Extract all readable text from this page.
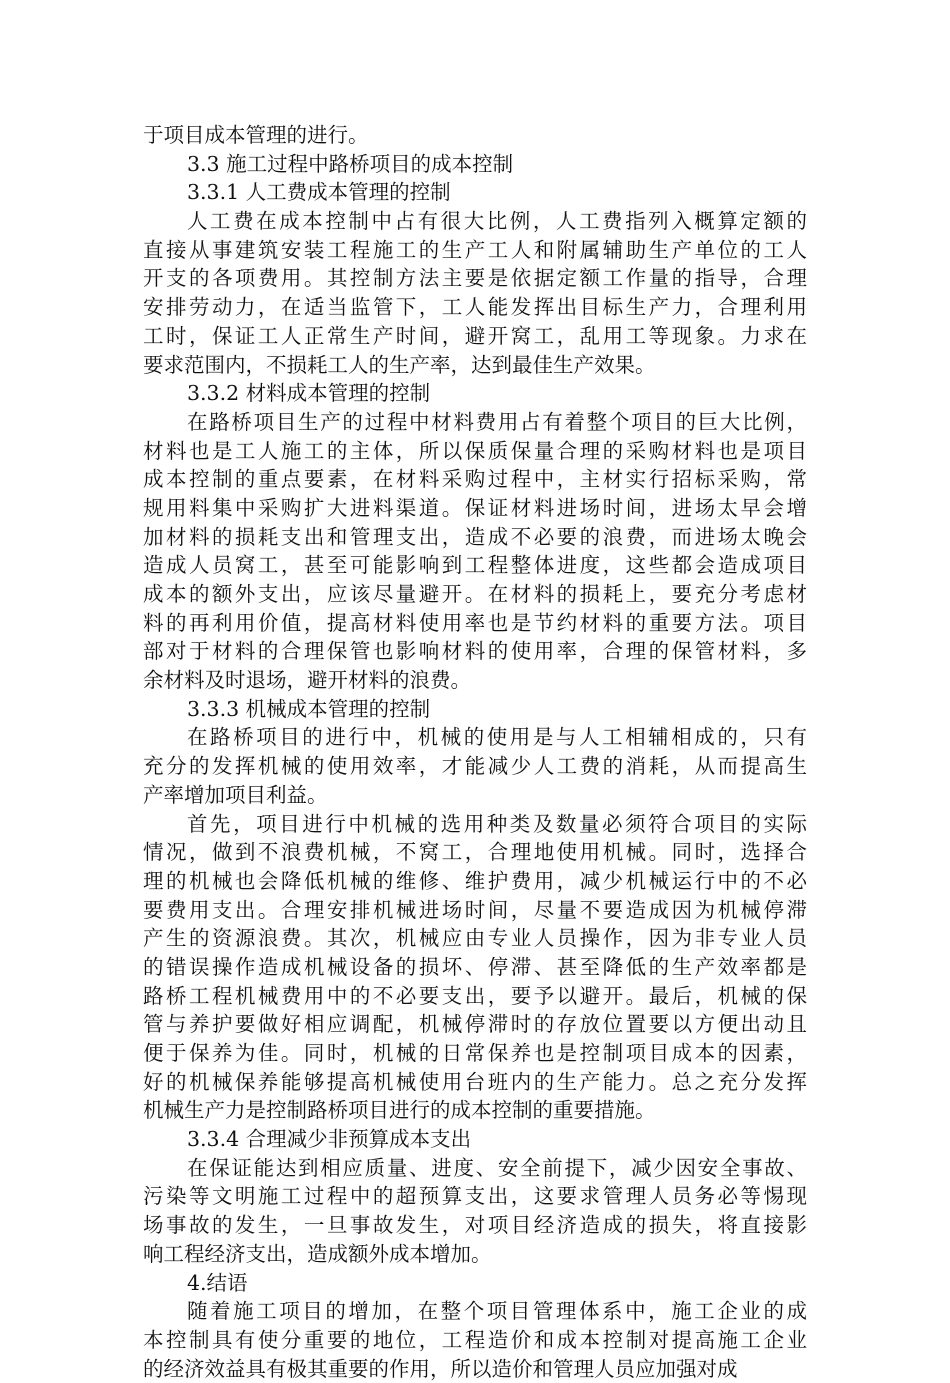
于项目成本管理的进行。
3.3 施工过程中路桥项目的成本控制
3.3.1 人工费成本管理的控制
人工费在成本控制中占有很大比例，人工费指列入概算定额的
直接从事建筑安装工程施工的生产工人和附属辅助生产单位的工人
开支的各项费用。其控制方法主要是依据定额工作量的指导，合理
安排劳动力，在适当监管下，工人能发挥出目标生产力，合理利用
工时，保证工人正常生产时间，避开窝工，乱用工等现象。力求在
要求范围内，不损耗工人的生产率，达到最佳生产效果。
3.3.2 材料成本管理的控制
在路桥项目生产的过程中材料费用占有着整个项目的巨大比例，
材料也是工人施工的主体，所以保质保量合理的采购材料也是项目
成本控制的重点要素，在材料采购过程中，主材实行招标采购，常
规用料集中采购扩大进料渠道。保证材料进场时间，进场太早会增
加材料的损耗支出和管理支出，造成不必要的浪费，而进场太晚会
造成人员窝工，甚至可能影响到工程整体进度，这些都会造成项目
成本的额外支出，应该尽量避开。在材料的损耗上，要充分考虑材
料的再利用价值，提高材料使用率也是节约材料的重要方法。项目
部对于材料的合理保管也影响材料的使用率，合理的保管材料，多
余材料及时退场，避开材料的浪费。
3.3.3 机械成本管理的控制
在路桥项目的进行中，机械的使用是与人工相辅相成的，只有
充分的发挥机械的使用效率，才能减少人工费的消耗，从而提高生
产率增加项目利益。
首先，项目进行中机械的选用种类及数量必须符合项目的实际
情况，做到不浪费机械，不窝工，合理地使用机械。同时，选择合
理的机械也会降低机械的维修、维护费用，减少机械运行中的不必
要费用支出。合理安排机械进场时间，尽量不要造成因为机械停滞
产生的资源浪费。其次，机械应由专业人员操作，因为非专业人员
的错误操作造成机械设备的损坏、停滞、甚至降低的生产效率都是
路桥工程机械费用中的不必要支出，要予以避开。最后，机械的保
管与养护要做好相应调配，机械停滞时的存放位置要以方便出动且
便于保养为佳。同时，机械的日常保养也是控制项目成本的因素，
好的机械保养能够提高机械使用台班内的生产能力。总之充分发挥
机械生产力是控制路桥项目进行的成本控制的重要措施。
3.3.4 合理减少非预算成本支出
在保证能达到相应质量、进度、安全前提下，减少因安全事故、
污染等文明施工过程中的超预算支出，这要求管理人员务必等惕现
场事故的发生，一旦事故发生，对项目经济造成的损失，将直接影
响工程经济支出，造成额外成本增加。
4.结语
随着施工项目的增加，在整个项目管理体系中，施工企业的成
本控制具有使分重要的地位，工程造价和成本控制对提高施工企业
的经济效益具有极其重要的作用，所以造价和管理人员应加强对成
